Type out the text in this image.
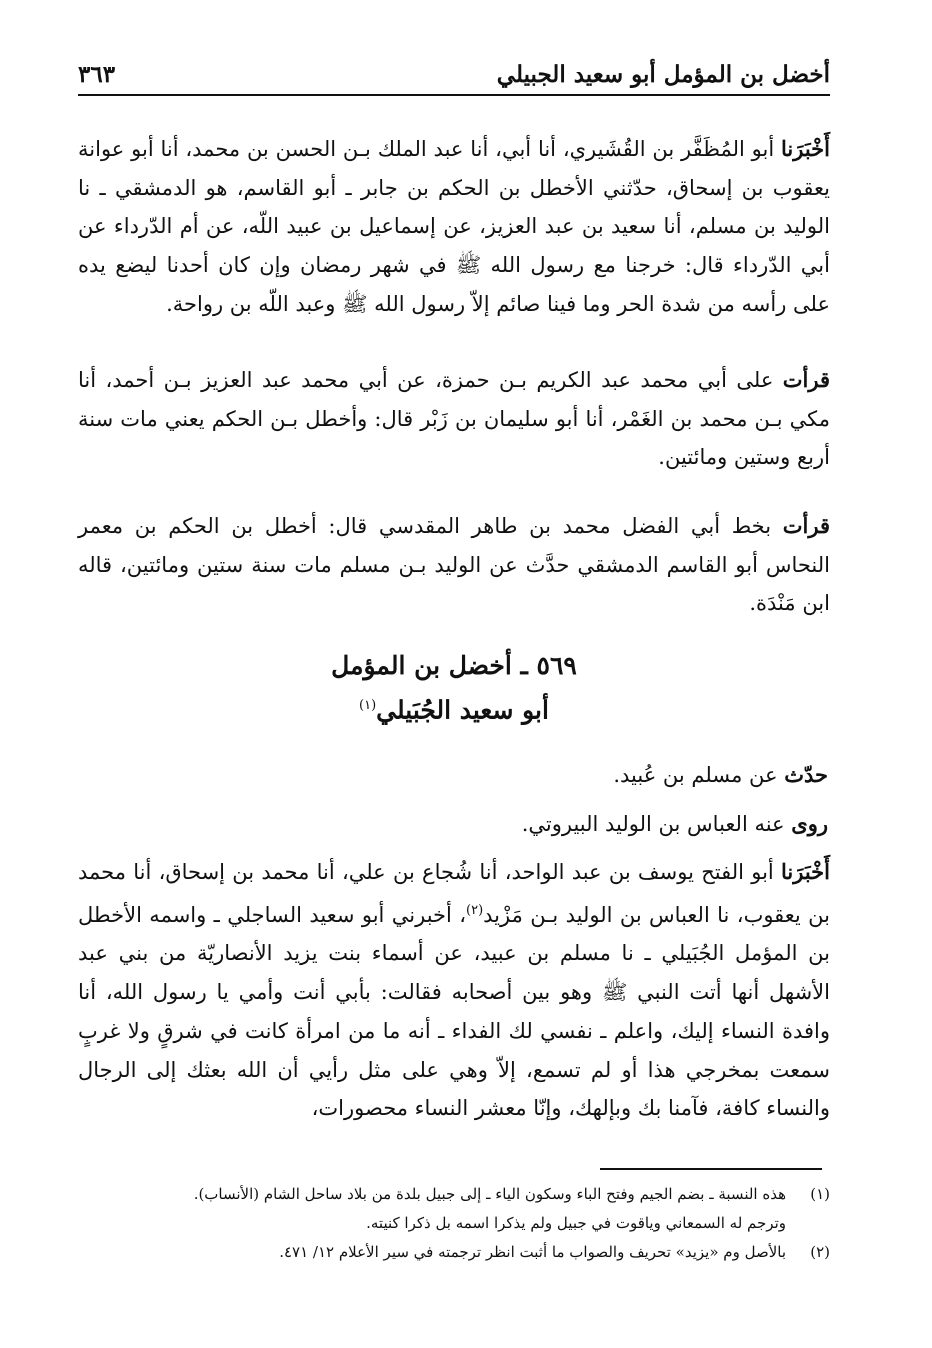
أخضل بن المؤمل أبو سعيد الجبيلي
٣٦٣

أَخْبَرَنا أبو المُظَفَّر بن القُشَيري، أنا أبي، أنا عبد الملك بـن الحسن بن محمد، أنا أبو عوانة يعقوب بن إسحاق، حدّثني الأخطل بن الحكم بن جابر ـ أبو القاسم، هو الدمشقي ـ نا الوليد بن مسلم، أنا سعيد بن عبد العزيز، عن إسماعيل بن عبيد اللّه، عن أم الدّرداء عن أبي الدّرداء قال: خرجنا مع رسول الله ﷺ في شهر رمضان وإن كان أحدنا ليضع يده على رأسه من شدة الحر وما فينا صائم إلاّ رسول الله ﷺ وعبد اللّه بن رواحة.

قرأت على أبي محمد عبد الكريم بـن حمزة، عن أبي محمد عبد العزيز بـن أحمد، أنا مكي بـن محمد بن الغَمْر، أنا أبو سليمان بن زَبْر قال: وأخطل بـن الحكم يعني مات سنة أربع وستين ومائتين.

قرأت بخط أبي الفضل محمد بن طاهر المقدسي قال: أخطل بن الحكم بن معمر النحاس أبو القاسم الدمشقي حدَّث عن الوليد بـن مسلم مات سنة ستين ومائتين، قاله ابن مَنْدَة.

٥٦٩ ـ أخضل بن المؤمل
أبو سعيد الجُبَيلي$^{(١)}$
حدّث عن مسلم بن عُبيد.
روى عنه العباس بن الوليد البيروتي.

أَخْبَرَنا أبو الفتح يوسف بن عبد الواحد، أنا شُجاع بن علي، أنا محمد بن إسحاق، أنا محمد بن يعقوب، نا العباس بن الوليد بـن مَزْيد$^{(٢)}$، أخبرني أبو سعيد الساجلي ـ واسمه الأخطل بن المؤمل الجُبَيلي ـ نا مسلم بن عبيد، عن أسماء بنت يزيد الأنصاريّة من بني عبد الأشهل أنها أتت النبي ﷺ وهو بين أصحابه فقالت: بأبي أنت وأمي يا رسول الله، أنا وافدة النساء إليك، واعلم ـ نفسي لك الفداء ـ أنه ما من امرأة كانت في شرقٍ ولا غربٍ سمعت بمخرجي هذا أو لم تسمع، إلاّ وهي على مثل رأيي أن الله بعثك إلى الرجال والنساء كافة، فآمنا بك وبإلهك، وإنّا معشر النساء محصورات،

(١)
هذه النسبة ـ بضم الجيم وفتح الباء وسكون الياء ـ إلى جبيل بلدة من بلاد ساحل الشام (الأنساب).
وترجم له السمعاني وياقوت في جبيل ولم يذكرا اسمه بل ذكرا كنيته.
(٢)
بالأصل وم «يزيد» تحريف والصواب ما أثبت انظر ترجمته في سير الأعلام ١٢/ ٤٧١.
